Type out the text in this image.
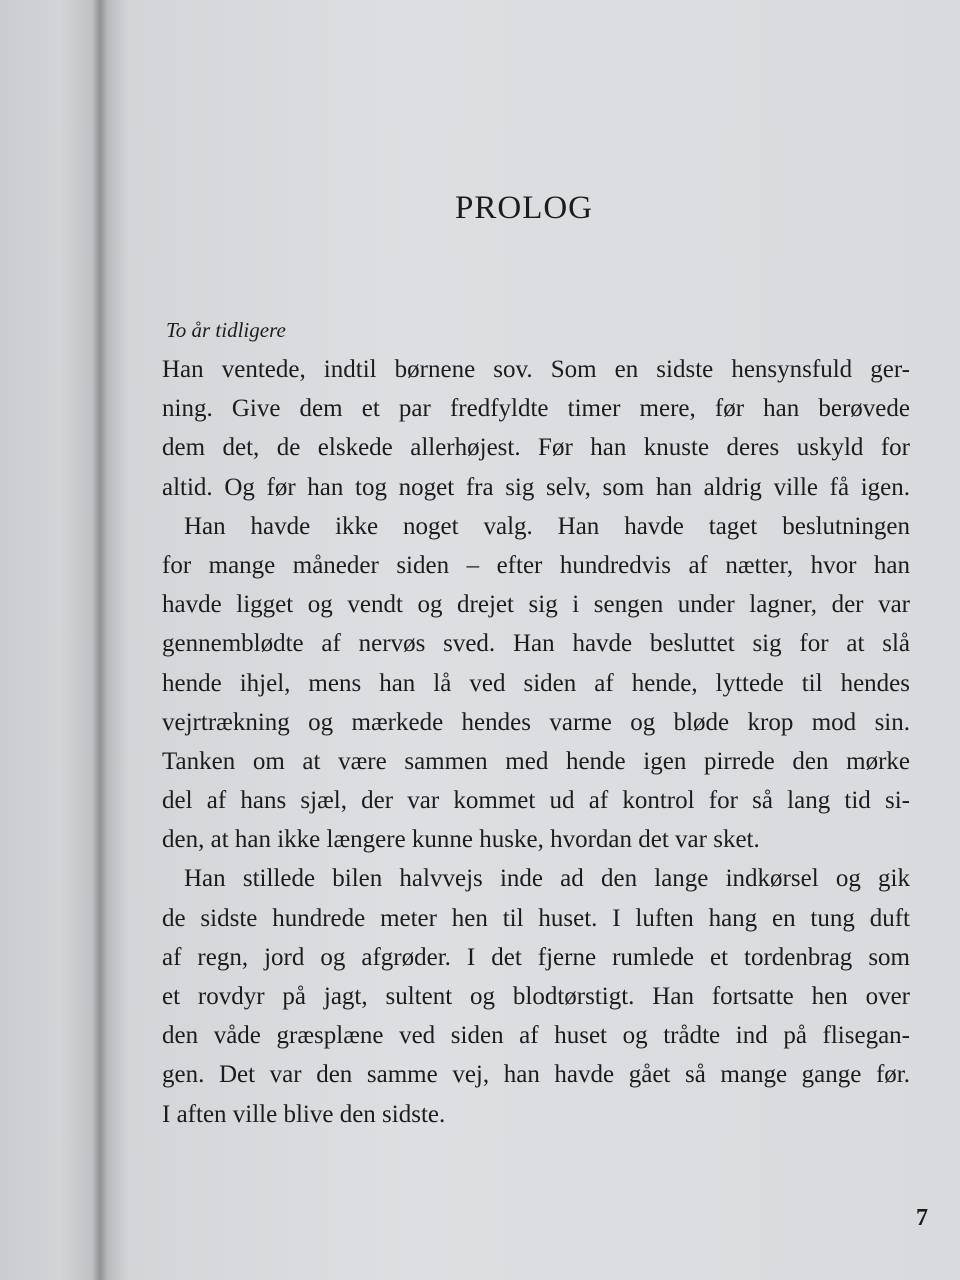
PROLOG
To år tidligere
Han ventede, indtil børnene sov. Som en sidste hensynsfuld ger-
ning. Give dem et par fredfyldte timer mere, før han berøvede
dem det, de elskede allerhøjest. Før han knuste deres uskyld for
altid. Og før han tog noget fra sig selv, som han aldrig ville få igen.
Han havde ikke noget valg. Han havde taget beslutningen
for mange måneder siden – efter hundredvis af nætter, hvor han
havde ligget og vendt og drejet sig i sengen under lagner, der var
gennemblødte af nervøs sved. Han havde besluttet sig for at slå
hende ihjel, mens han lå ved siden af hende, lyttede til hendes
vejrtrækning og mærkede hendes varme og bløde krop mod sin.
Tanken om at være sammen med hende igen pirrede den mørke
del af hans sjæl, der var kommet ud af kontrol for så lang tid si-
den, at han ikke længere kunne huske, hvordan det var sket.
Han stillede bilen halvvejs inde ad den lange indkørsel og gik
de sidste hundrede meter hen til huset. I luften hang en tung duft
af regn, jord og afgrøder. I det fjerne rumlede et tordenbrag som
et rovdyr på jagt, sultent og blodtørstigt. Han fortsatte hen over
den våde græsplæne ved siden af huset og trådte ind på flisegan-
gen. Det var den samme vej, han havde gået så mange gange før.
I aften ville blive den sidste.
7
